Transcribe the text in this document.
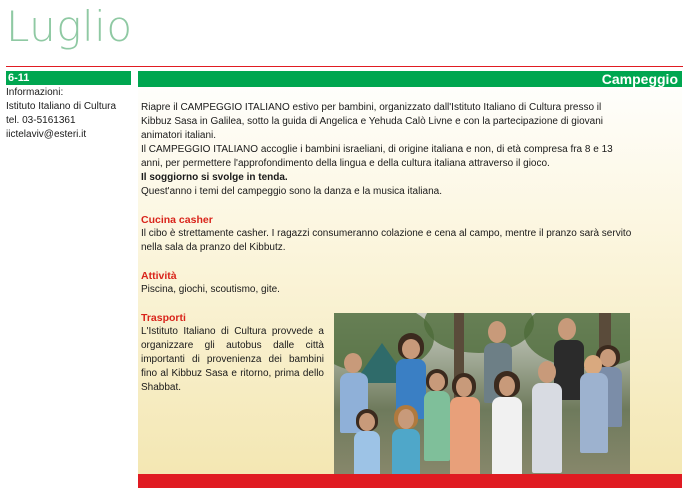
Luglio
6-11
Informazioni:
Istituto Italiano di Cultura
tel. 03-5161361
iictelaviv@esteri.it
Campeggio

Riapre il CAMPEGGIO ITALIANO estivo per bambini, organizzato dall'Istituto Italiano di Cultura presso il Kibbuz Sasa in Galilea, sotto la guida di Angelica e Yehuda Calò Livne e con la partecipazione di giovani animatori italiani.

Il CAMPEGGIO ITALIANO accoglie i bambini israeliani, di origine italiana e non, di età compresa fra 8 e 13 anni, per permettere l'approfondimento della lingua e della cultura italiana attraverso il gioco.

Il soggiorno si svolge in tenda.

Quest'anno i temi del campeggio sono la danza e la musica italiana.

Cucina casher

Il cibo è strettamente casher. I ragazzi consumeranno colazione e cena al campo, mentre il pranzo sarà servito nella sala da pranzo del Kibbutz.

Attività

Piscina, giochi, scoutismo, gite.

Trasporti

L'Istituto Italiano di Cultura provvede a organizzare gli autobus dalle città importanti di provenienza dei bambini fino al Kibbuz Sasa e ritorno, prima dello Shabbat.
